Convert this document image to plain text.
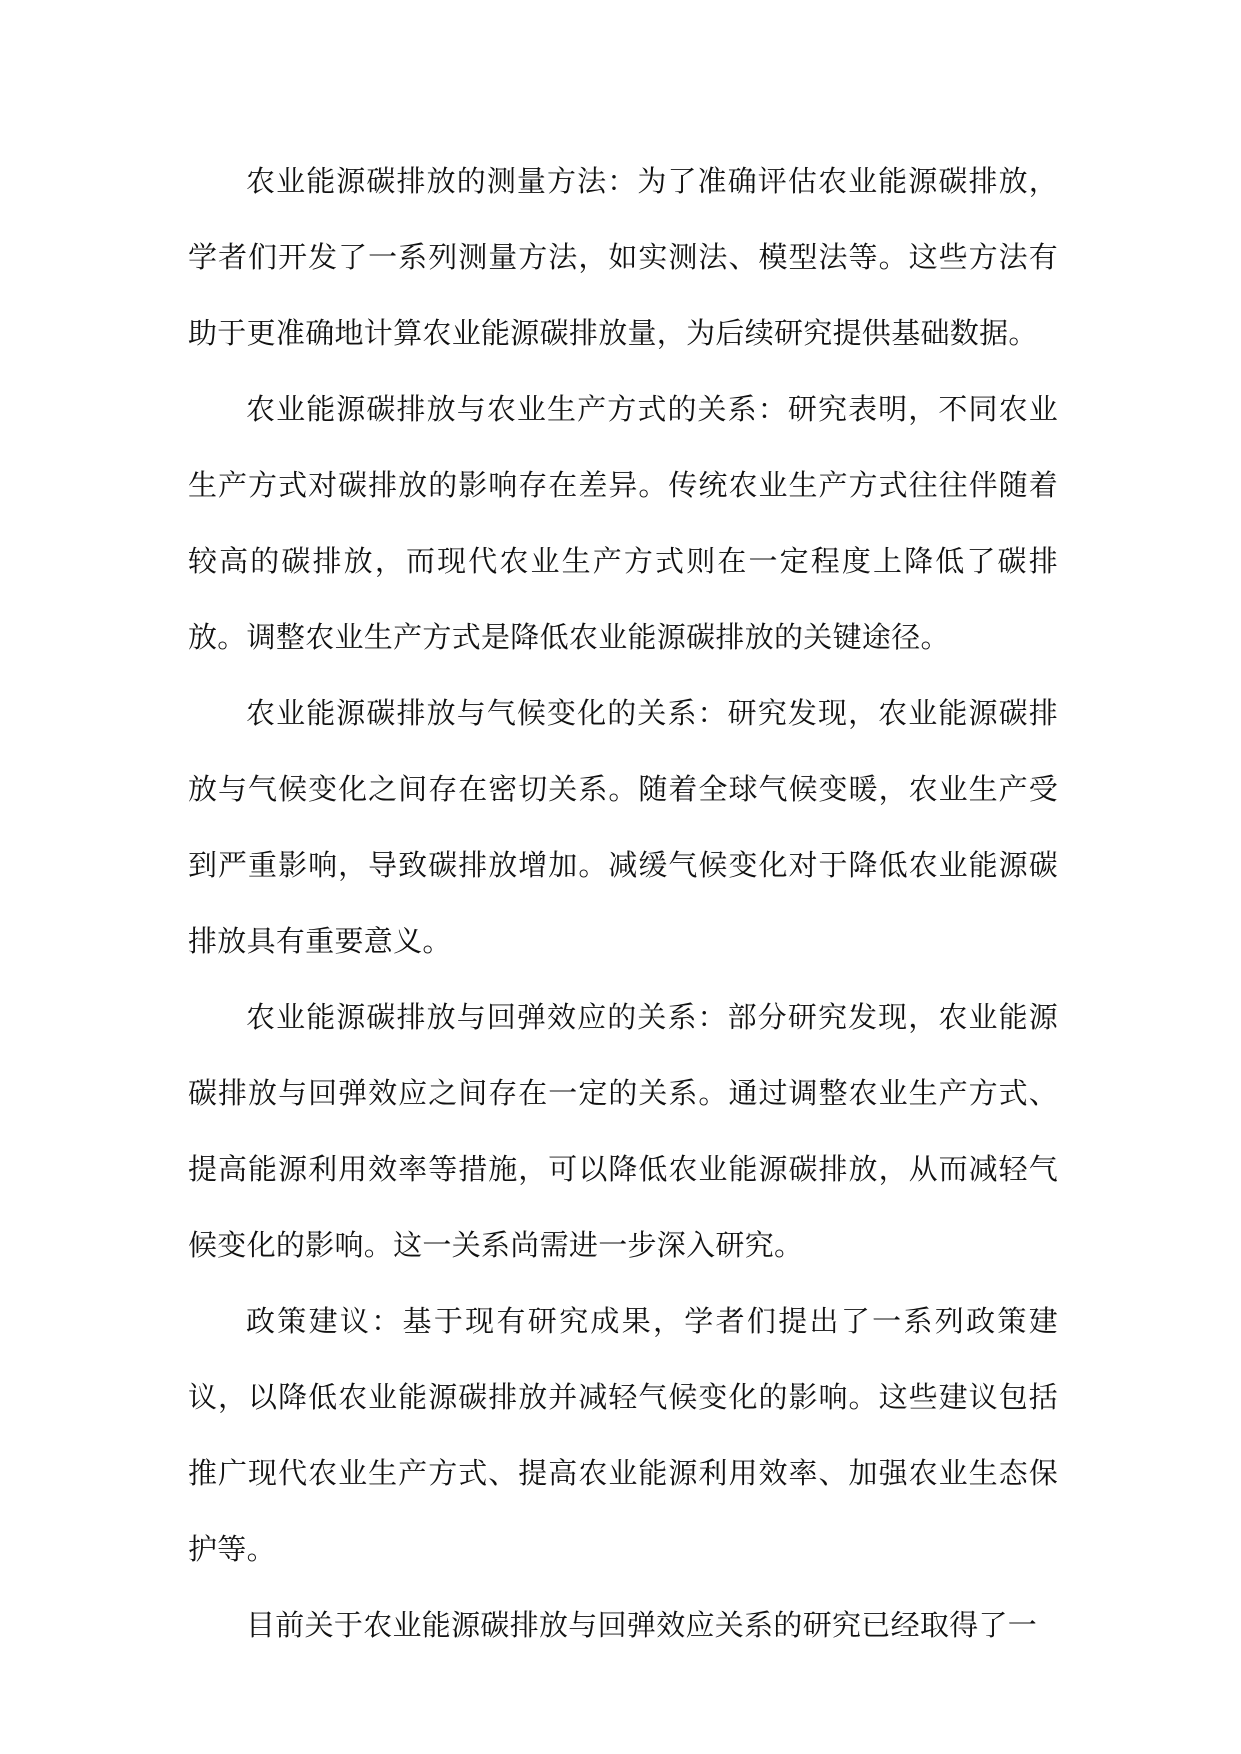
农业能源碳排放的测量方法：为了准确评估农业能源碳排放，学者们开发了一系列测量方法，如实测法、模型法等。这些方法有助于更准确地计算农业能源碳排放量，为后续研究提供基础数据。

农业能源碳排放与农业生产方式的关系：研究表明，不同农业生产方式对碳排放的影响存在差异。传统农业生产方式往往伴随着较高的碳排放，而现代农业生产方式则在一定程度上降低了碳排放。调整农业生产方式是降低农业能源碳排放的关键途径。

农业能源碳排放与气候变化的关系：研究发现，农业能源碳排放与气候变化之间存在密切关系。随着全球气候变暖，农业生产受到严重影响，导致碳排放增加。减缓气候变化对于降低农业能源碳排放具有重要意义。

农业能源碳排放与回弹效应的关系：部分研究发现，农业能源碳排放与回弹效应之间存在一定的关系。通过调整农业生产方式、提高能源利用效率等措施，可以降低农业能源碳排放，从而减轻气候变化的影响。这一关系尚需进一步深入研究。

政策建议：基于现有研究成果，学者们提出了一系列政策建议，以降低农业能源碳排放并减轻气候变化的影响。这些建议包括推广现代农业生产方式、提高农业能源利用效率、加强农业生态保护等。

目前关于农业能源碳排放与回弹效应关系的研究已经取得了一
